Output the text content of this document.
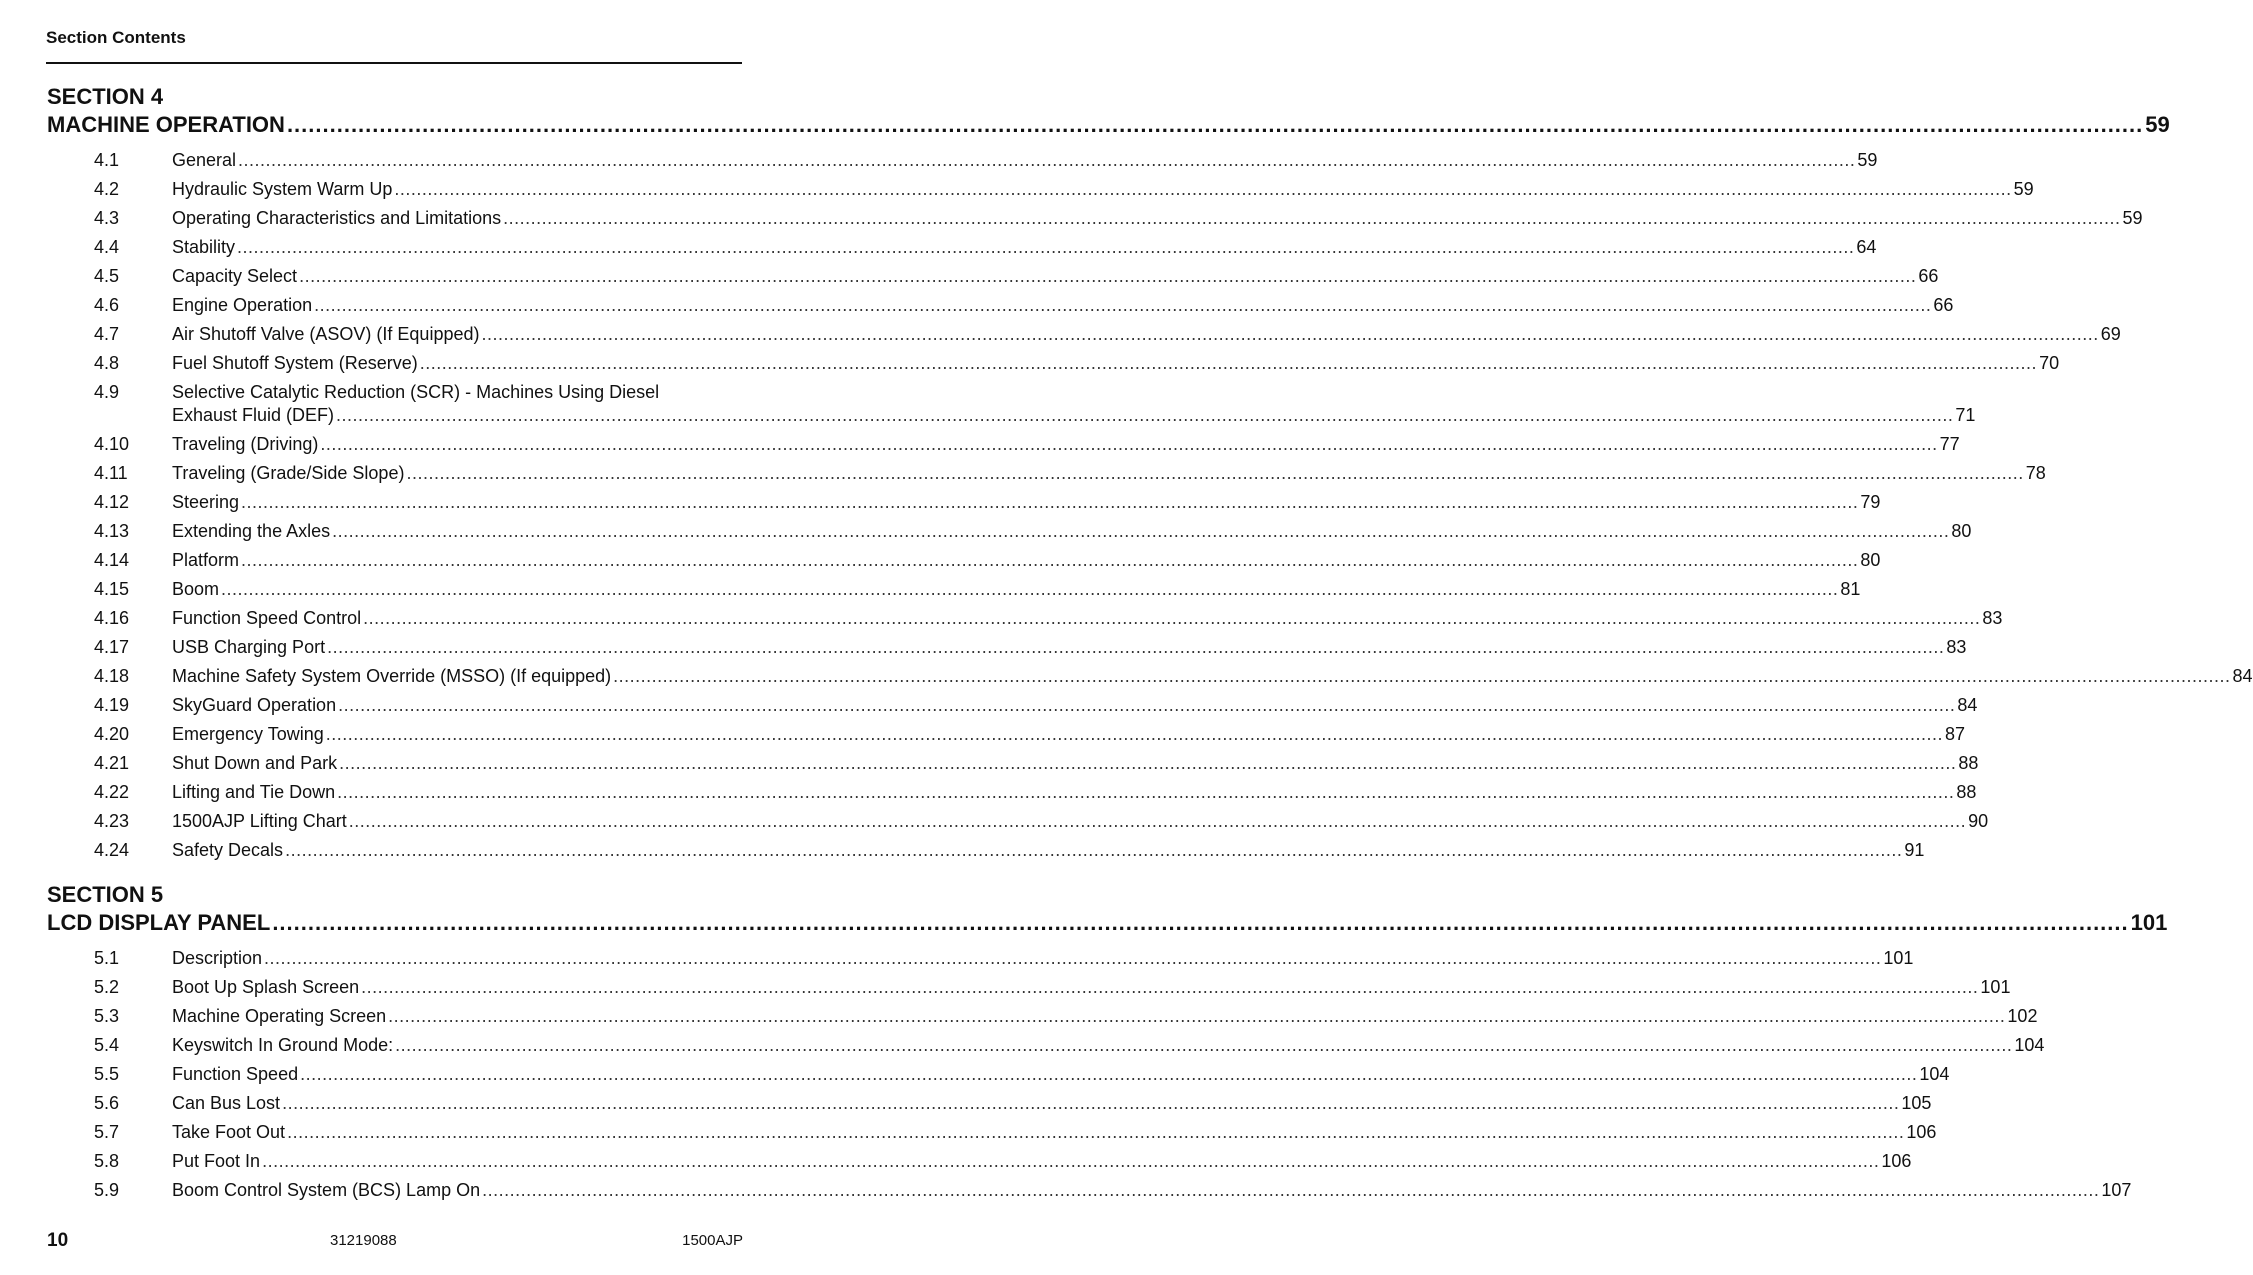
Section Contents
SECTION 4
MACHINE OPERATION .....	59
4.1	General .....	59
4.2	Hydraulic System Warm Up .....	59
4.3	Operating Characteristics and Limitations .....	59
4.4	Stability .....	64
4.5	Capacity Select .....	66
4.6	Engine Operation .....	66
4.7	Air Shutoff Valve (ASOV) (If Equipped) .....	69
4.8	Fuel Shutoff System (Reserve) .....	70
4.9	Selective Catalytic Reduction (SCR) - Machines Using Diesel
Exhaust Fluid (DEF) .....	71
4.10	Traveling (Driving) .....	77
4.11	Traveling (Grade/Side Slope) .....	78
4.12	Steering .....	79
4.13	Extending the Axles .....	80
4.14	Platform .....	80
4.15	Boom .....	81
4.16	Function Speed Control .....	83
4.17	USB Charging Port .....	83
4.18	Machine Safety System Override (MSSO) (If equipped) .....	84
4.19	SkyGuard Operation .....	84
4.20	Emergency Towing .....	87
4.21	Shut Down and Park .....	88
4.22	Lifting and Tie Down .....	88
4.23	1500AJP Lifting Chart .....	90
4.24	Safety Decals .....	91
SECTION 5
LCD DISPLAY PANEL .....	101
5.1	Description .....	101
5.2	Boot Up Splash Screen .....	101
5.3	Machine Operating Screen .....	102
5.4	Keyswitch In Ground Mode: .....	104
5.5	Function Speed .....	104
5.6	Can Bus Lost .....	105
5.7	Take Foot Out .....	106
5.8	Put Foot In .....	106
5.9	Boom Control System (BCS) Lamp On .....	107
10	31219088	1500AJP
